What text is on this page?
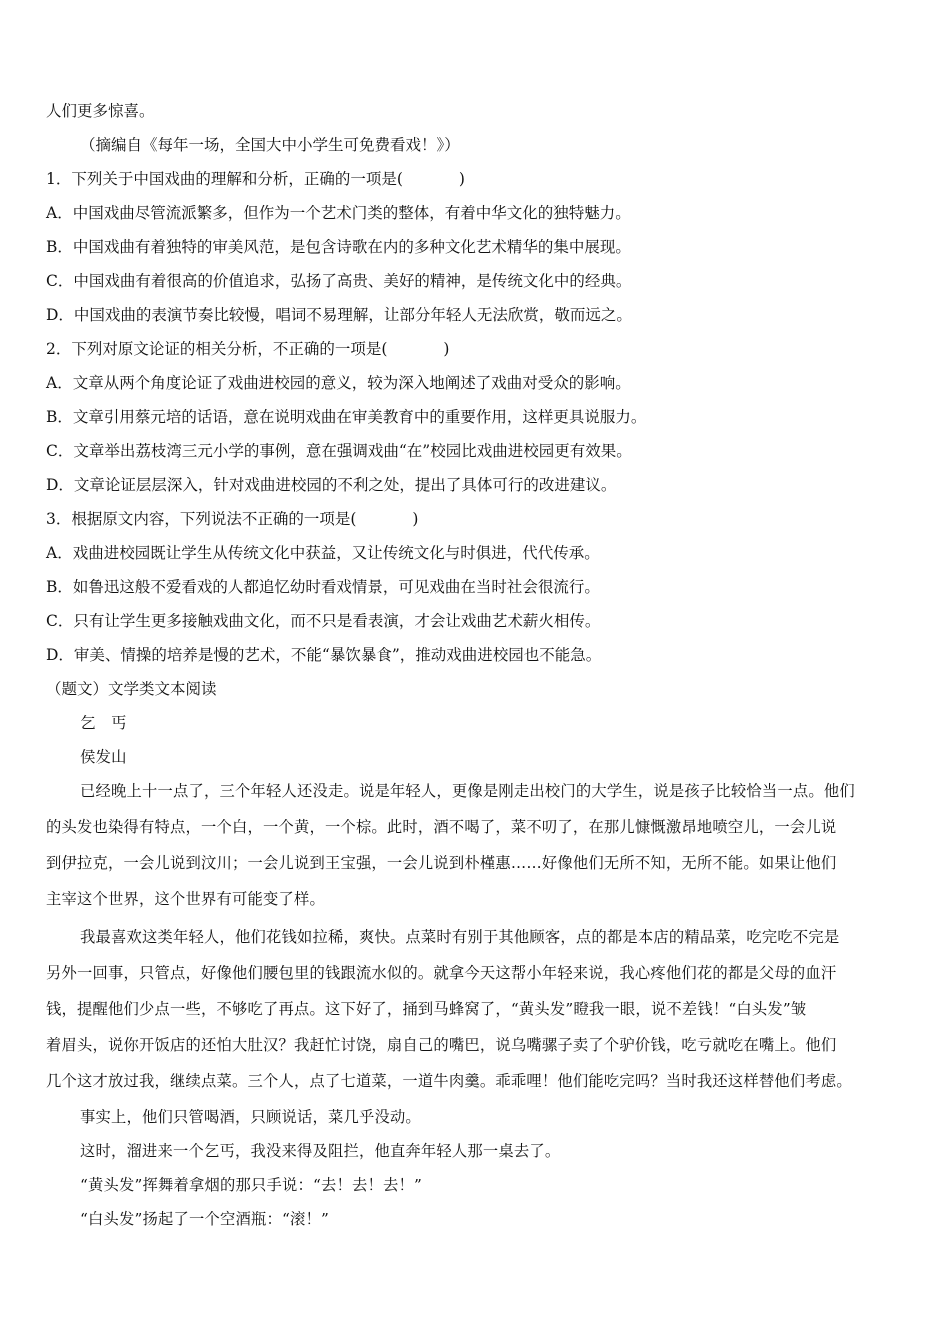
人们更多惊喜。
（摘编自《每年一场，全国大中小学生可免费看戏！》）
1．下列关于中国戏曲的理解和分析，正确的一项是(	)
A．中国戏曲尽管流派繁多，但作为一个艺术门类的整体，有着中华文化的独特魅力。
B．中国戏曲有着独特的审美风范，是包含诗歌在内的多种文化艺术精华的集中展现。
C．中国戏曲有着很高的价值追求，弘扬了高贵、美好的精神，是传统文化中的经典。
D．中国戏曲的表演节奏比较慢，唱词不易理解，让部分年轻人无法欣赏，敬而远之。
2．下列对原文论证的相关分析，不正确的一项是(	)
A．文章从两个角度论证了戏曲进校园的意义，较为深入地阐述了戏曲对受众的影响。
B．文章引用蔡元培的话语，意在说明戏曲在审美教育中的重要作用，这样更具说服力。
C．文章举出荔枝湾三元小学的事例，意在强调戏曲“在”校园比戏曲进校园更有效果。
D．文章论证层层深入，针对戏曲进校园的不利之处，提出了具体可行的改进建议。
3．根据原文内容，下列说法不正确的一项是(	)
A．戏曲进校园既让学生从传统文化中获益，又让传统文化与时俱进，代代传承。
B．如鲁迅这般不爱看戏的人都追忆幼时看戏情景，可见戏曲在当时社会很流行。
C．只有让学生更多接触戏曲文化，而不只是看表演，才会让戏曲艺术薪火相传。
D．审美、情操的培养是慢的艺术，不能“暴饮暴食”，推动戏曲进校园也不能急。
（题文）文学类文本阅读
乞　丐
侯发山
已经晚上十一点了，三个年轻人还没走。说是年轻人，更像是刚走出校门的大学生，说是孩子比较恰当一点。他们
的头发也染得有特点，一个白，一个黄，一个棕。此时，酒不喝了，菜不叨了，在那儿慷慨激昂地喷空儿，一会儿说
到伊拉克，一会儿说到汶川；一会儿说到王宝强，一会儿说到朴槿惠……好像他们无所不知，无所不能。如果让他们
主宰这个世界，这个世界有可能变了样。
我最喜欢这类年轻人，他们花钱如拉稀，爽快。点菜时有别于其他顾客，点的都是本店的精品菜，吃完吃不完是
另外一回事，只管点，好像他们腰包里的钱跟流水似的。就拿今天这帮小年轻来说，我心疼他们花的都是父母的血汗
钱，提醒他们少点一些，不够吃了再点。这下好了，捅到马蜂窝了，“黄头发”瞪我一眼，说不差钱！“白头发”皱
着眉头，说你开饭店的还怕大肚汉？我赶忙讨饶，扇自己的嘴巴，说乌嘴骡子卖了个驴价钱，吃亏就吃在嘴上。他们
几个这才放过我，继续点菜。三个人，点了七道菜，一道牛肉羹。乖乖哩！他们能吃完吗？当时我还这样替他们考虑。
事实上，他们只管喝酒，只顾说话，菜几乎没动。
这时，溜进来一个乞丐，我没来得及阻拦，他直奔年轻人那一桌去了。
“黄头发”挥舞着拿烟的那只手说：“去！去！去！”
“白头发”扬起了一个空酒瓶：“滚！”
